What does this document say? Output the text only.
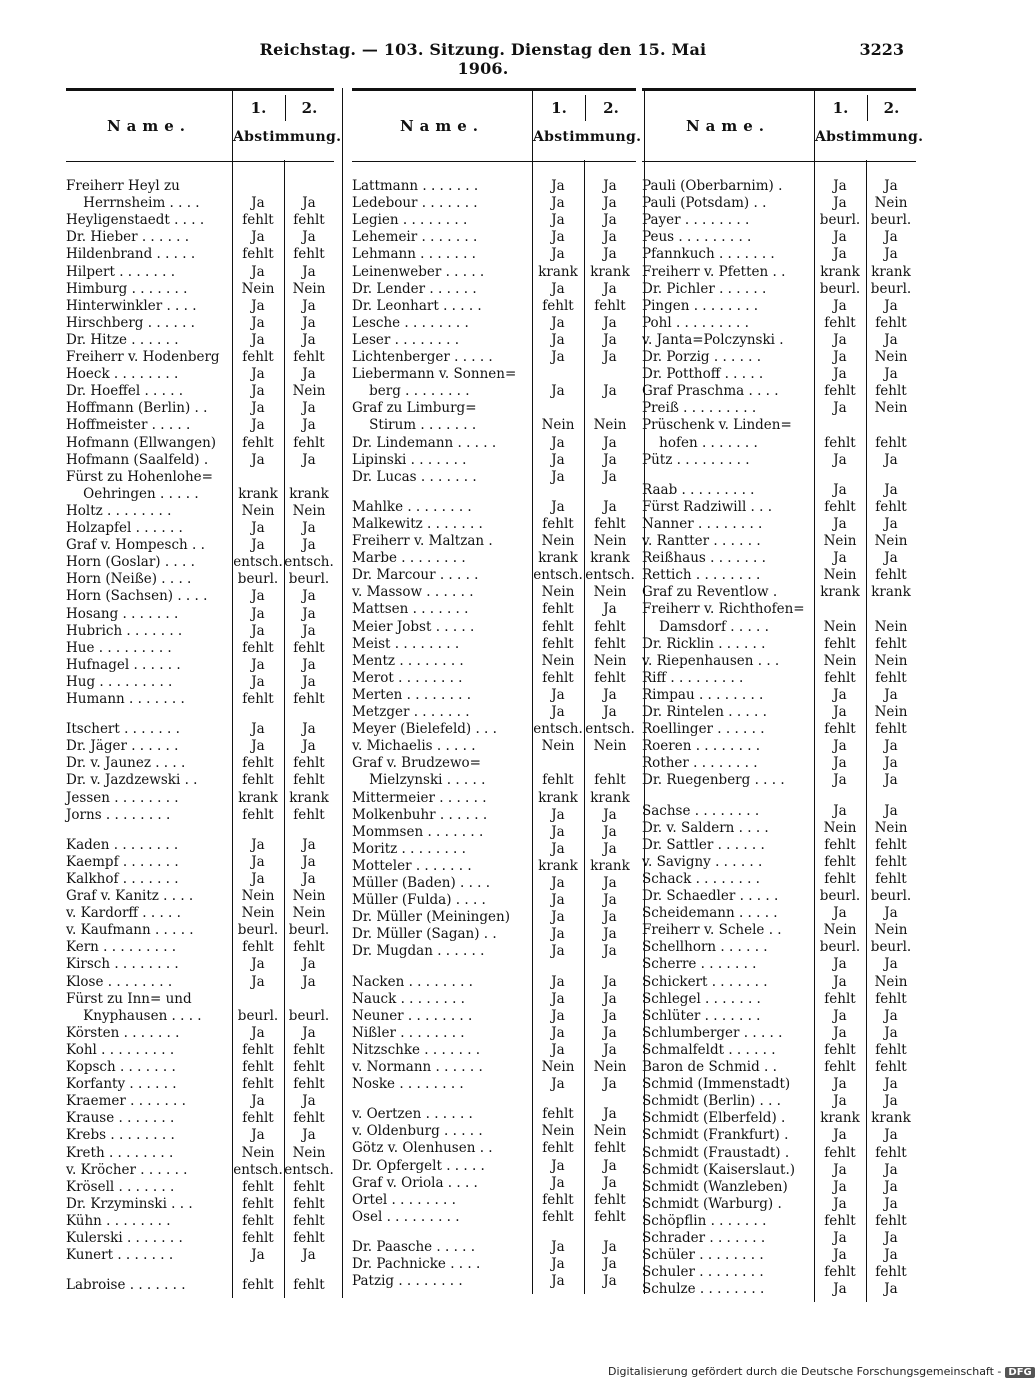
Reichstag. — 103. Sitzung. Dienstag den 15. Mai 1906.
3223
Name.
1.	2.
Abstimmung.
Freiherr Heyl zu
Herrnsheim . . . .	Ja	Ja
Heyligenstaedt . . . .	fehlt	fehlt
Dr. Hieber . . . . . .	Ja	Ja
Hildenbrand . . . . .	fehlt	fehlt
Hilpert . . . . . . .	Ja	Ja
Himburg . . . . . . .	Nein	Nein
Hinterwinkler . . . .	Ja	Ja
Hirschberg . . . . . .	Ja	Ja
Dr. Hitze . . . . . .	Ja	Ja
Freiherr v. Hodenberg	fehlt	fehlt
Hoeck . . . . . . . .	Ja	Ja
Dr. Hoeffel . . . . .	Ja	Nein
Hoffmann (Berlin) . .	Ja	Ja
Hoffmeister . . . . .	Ja	Ja
Hofmann (Ellwangen)	fehlt	fehlt
Hofmann (Saalfeld) .	Ja	Ja
Fürst zu Hohenlohe=
Oehringen . . . . .	krank krank
Holtz . . . . . . . .	Nein	Nein
Holzapfel . . . . . .	Ja	Ja
Graf v. Hompesch . .	Ja	Ja
Horn (Goslar) . . . .	entsch. entsch.
Horn (Neiße) . . . .	beurl. beurl.
Horn (Sachsen) . . . .	Ja	Ja
Hosang . . . . . . .	Ja	Ja
Hubrich . . . . . . .	Ja	Ja
Hue . . . . . . . . .	fehlt	fehlt
Hufnagel . . . . . .	Ja	Ja
Hug . . . . . . . . .	Ja	Ja
Humann . . . . . . .	fehlt	fehlt
Itschert . . . . . . .	Ja	Ja
Dr. Jäger . . . . . .	Ja	Ja
Dr. v. Jaunez . . . .	fehlt	fehlt
Dr. v. Jazdzewski . .	fehlt	fehlt
Jessen . . . . . . . .	krank krank
Jorns . . . . . . . .	fehlt	fehlt
Kaden . . . . . . . .	Ja	Ja
Kaempf . . . . . . .	Ja	Ja
Kalkhof . . . . . . .	Ja	Ja
Graf v. Kanitz . . . .	Nein	Nein
v. Kardorff . . . . .	Nein	Nein
v. Kaufmann . . . . .	beurl. beurl.
Kern . . . . . . . . .	fehlt	fehlt
Kirsch . . . . . . . .	Ja	Ja
Klose . . . . . . . .	Ja	Ja
Fürst zu Inn= und
Knyphausen . . . .	beurl. beurl.
Körsten . . . . . . .	Ja	Ja
Kohl . . . . . . . . .	fehlt	fehlt
Kopsch . . . . . . .	fehlt	fehlt
Korfanty . . . . . .	fehlt	fehlt
Kraemer . . . . . . .	Ja	Ja
Krause . . . . . . .	fehlt	fehlt
Krebs . . . . . . . .	Ja	Ja
Kreth . . . . . . . .	Nein	Nein
v. Kröcher . . . . . .	entsch. entsch.
Krösell . . . . . . .	fehlt	fehlt
Dr. Krzyminski . . .	fehlt	fehlt
Kühn . . . . . . . .	fehlt	fehlt
Kulerski . . . . . . .	fehlt	fehlt
Kunert . . . . . . .	Ja	Ja
Labroise . . . . . . .	fehlt	fehlt
Name.
1.	2.
Abstimmung.
Lattmann . . . . . . .	Ja	Ja
Ledebour . . . . . . .	Ja	Ja
Legien . . . . . . . .	Ja	Ja
Lehemeir . . . . . . .	Ja	Ja
Lehmann . . . . . . .	Ja	Ja
Leinenweber . . . . .	krank krank
Dr. Lender . . . . . .	Ja	Ja
Dr. Leonhart . . . . .	fehlt	fehlt
Lesche . . . . . . . .	Ja	Ja
Leser . . . . . . . .	Ja	Ja
Lichtenberger . . . . .	Ja	Ja
Liebermann v. Sonnen=
berg . . . . . . . .	Ja	Ja
Graf zu Limburg=
Stirum . . . . . . .	Nein	Nein
Dr. Lindemann . . . . .	Ja	Ja
Lipinski . . . . . . .	Ja	Ja
Dr. Lucas . . . . . . .	Ja	Ja
Mahlke . . . . . . . .	Ja	Ja
Malkewitz . . . . . . .	fehlt	fehlt
Freiherr v. Maltzan .	Nein	Nein
Marbe . . . . . . . .	krank krank
Dr. Marcour . . . . .	entsch. entsch.
v. Massow . . . . . .	Nein	Nein
Mattsen . . . . . . .	fehlt	Ja
Meier Jobst . . . . .	fehlt	fehlt
Meist . . . . . . . .	fehlt	fehlt
Mentz . . . . . . . .	Nein	Nein
Merot . . . . . . . .	fehlt	fehlt
Merten . . . . . . . .	Ja	Ja
Metzger . . . . . . .	Ja	Ja
Meyer (Bielefeld) . . .	entsch. entsch.
v. Michaelis . . . . .	Nein	Nein
Graf v. Brudzewo=
Mielzynski . . . . .	fehlt	fehlt
Mittermeier . . . . . .	krank krank
Molkenbuhr . . . . . .	Ja	Ja
Mommsen . . . . . . .	Ja	Ja
Moritz . . . . . . . .	Ja	Ja
Motteler . . . . . . .	krank krank
Müller (Baden) . . . .	Ja	Ja
Müller (Fulda) . . . .	Ja	Ja
Dr. Müller (Meiningen)	Ja	Ja
Dr. Müller (Sagan) . .	Ja	Ja
Dr. Mugdan . . . . . .	Ja	Ja
Nacken . . . . . . . .	Ja	Ja
Nauck . . . . . . . .	Ja	Ja
Neuner . . . . . . . .	Ja	Ja
Nißler . . . . . . . .	Ja	Ja
Nitzschke . . . . . . .	Ja	Ja
v. Normann . . . . . .	Nein	Nein
Noske . . . . . . . .	Ja	Ja
v. Oertzen . . . . . .	fehlt	Ja
v. Oldenburg . . . . .	Nein	Nein
Götz v. Olenhusen . .	fehlt	fehlt
Dr. Opfergelt . . . . .	Ja	Ja
Graf v. Oriola . . . .	Ja	Ja
Ortel . . . . . . . .	fehlt	fehlt
Osel . . . . . . . . .	fehlt	fehlt
Dr. Paasche . . . . .	Ja	Ja
Dr. Pachnicke . . . .	Ja	Ja
Patzig . . . . . . . .	Ja	Ja
Name.
1.	2.
Abstimmung.
Pauli (Oberbarnim) .	Ja	Ja
Pauli (Potsdam) . .	Ja	Nein
Payer . . . . . . . .	beurl. beurl.
Peus . . . . . . . . .	Ja	Ja
Pfannkuch . . . . . . .	Ja	Ja
Freiherr v. Pfetten . .	krank krank
Dr. Pichler . . . . . .	beurl. beurl.
Pingen . . . . . . . .	Ja	Ja
Pohl . . . . . . . . .	fehlt	fehlt
v. Janta=Polczynski .	Ja	Ja
Dr. Porzig . . . . . .	Ja	Nein
Dr. Potthoff . . . . .	Ja	Ja
Graf Praschma . . . .	fehlt	fehlt
Preiß . . . . . . . . .	Ja	Nein
Prüschenk v. Linden=
hofen . . . . . . .	fehlt	fehlt
Pütz . . . . . . . . .	Ja	Ja
Raab . . . . . . . . .	Ja	Ja
Fürst Radziwill . . .	fehlt	fehlt
Nanner . . . . . . . .	Ja	Ja
v. Rantter . . . . . .	Nein	Nein
Reißhaus . . . . . . .	Ja	Ja
Rettich . . . . . . . .	Nein	fehlt
Graf zu Reventlow .	krank krank
Freiherr v. Richthofen=
Damsdorf . . . . .	Nein	Nein
Dr. Ricklin . . . . . .	fehlt	fehlt
v. Riepenhausen . . .	Nein	Nein
Riff . . . . . . . . .	fehlt	fehlt
Rimpau . . . . . . . .	Ja	Ja
Dr. Rintelen . . . . .	Ja	Nein
Roellinger . . . . . .	fehlt	fehlt
Roeren . . . . . . . .	Ja	Ja
Rother . . . . . . . .	Ja	Ja
Dr. Ruegenberg . . . .	Ja	Ja
Sachse . . . . . . . .	Ja	Ja
Dr. v. Saldern . . . .	Nein	Nein
Dr. Sattler . . . . . .	fehlt	fehlt
v. Savigny . . . . . .	fehlt	fehlt
Schack . . . . . . . .	fehlt	fehlt
Dr. Schaedler . . . . .	beurl. beurl.
Scheidemann . . . . .	Ja	Ja
Freiherr v. Schele . .	Nein	Nein
Schellhorn . . . . . .	beurl. beurl.
Scherre . . . . . . .	Ja	Ja
Schickert . . . . . . .	Ja	Nein
Schlegel . . . . . . .	fehlt	fehlt
Schlüter . . . . . . .	Ja	Ja
Schlumberger . . . . .	Ja	Ja
Schmalfeldt . . . . . .	fehlt	fehlt
Baron de Schmid . .	fehlt	fehlt
Schmid (Immenstadt)	Ja	Ja
Schmidt (Berlin) . . .	Ja	Ja
Schmidt (Elberfeld) .	krank krank
Schmidt (Frankfurt) .	Ja	Ja
Schmidt (Fraustadt) .	fehlt	fehlt
Schmidt (Kaiserslaut.)	Ja	Ja
Schmidt (Wanzleben)	Ja	Ja
Schmidt (Warburg) .	Ja	Ja
Schöpflin . . . . . . .	fehlt	fehlt
Schrader . . . . . . .	Ja	Ja
Schüler . . . . . . . .	Ja	Ja
Schuler . . . . . . . .	fehlt	fehlt
Schulze . . . . . . . .	Ja	Ja
Digitalisierung gefördert durch die Deutsche Forschungsgemeinschaft - DFG
